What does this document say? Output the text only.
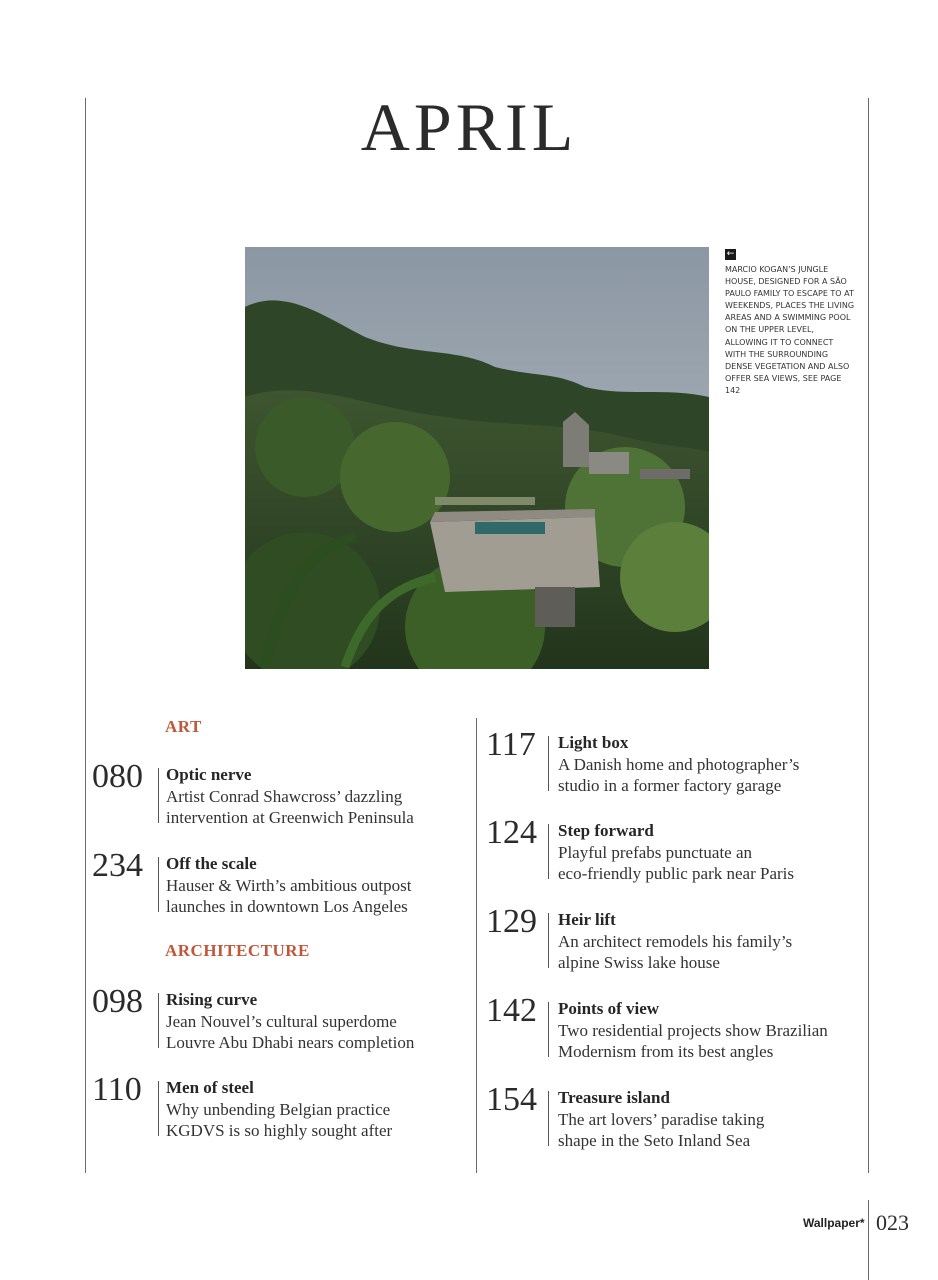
APRIL
←
MARCIO KOGAN’S JUNGLE HOUSE, DESIGNED FOR A SÃO PAULO FAMILY TO ESCAPE TO AT WEEKENDS, PLACES THE LIVING AREAS AND A SWIMMING POOL ON THE UPPER LEVEL, ALLOWING IT TO CONNECT WITH THE SURROUNDING DENSE VEGETATION AND ALSO OFFER SEA VIEWS, SEE PAGE 142
ART
ARCHITECTURE
080 Optic nerve
Artist Conrad Shawcross’ dazzling
intervention at Greenwich Peninsula
234 Off the scale
Hauser & Wirth’s ambitious outpost
launches in downtown Los Angeles
098 Rising curve
Jean Nouvel’s cultural superdome
Louvre Abu Dhabi nears completion
110 Men of steel
Why unbending Belgian practice
KGDVS is so highly sought after
117 Light box
A Danish home and photographer’s
studio in a former factory garage
124 Step forward
Playful prefabs punctuate an
eco-friendly public park near Paris
129 Heir lift
An architect remodels his family’s
alpine Swiss lake house
142 Points of view
Two residential projects show Brazilian
Modernism from its best angles
154 Treasure island
The art lovers’ paradise taking
shape in the Seto Inland Sea
Wallpaper* 023
